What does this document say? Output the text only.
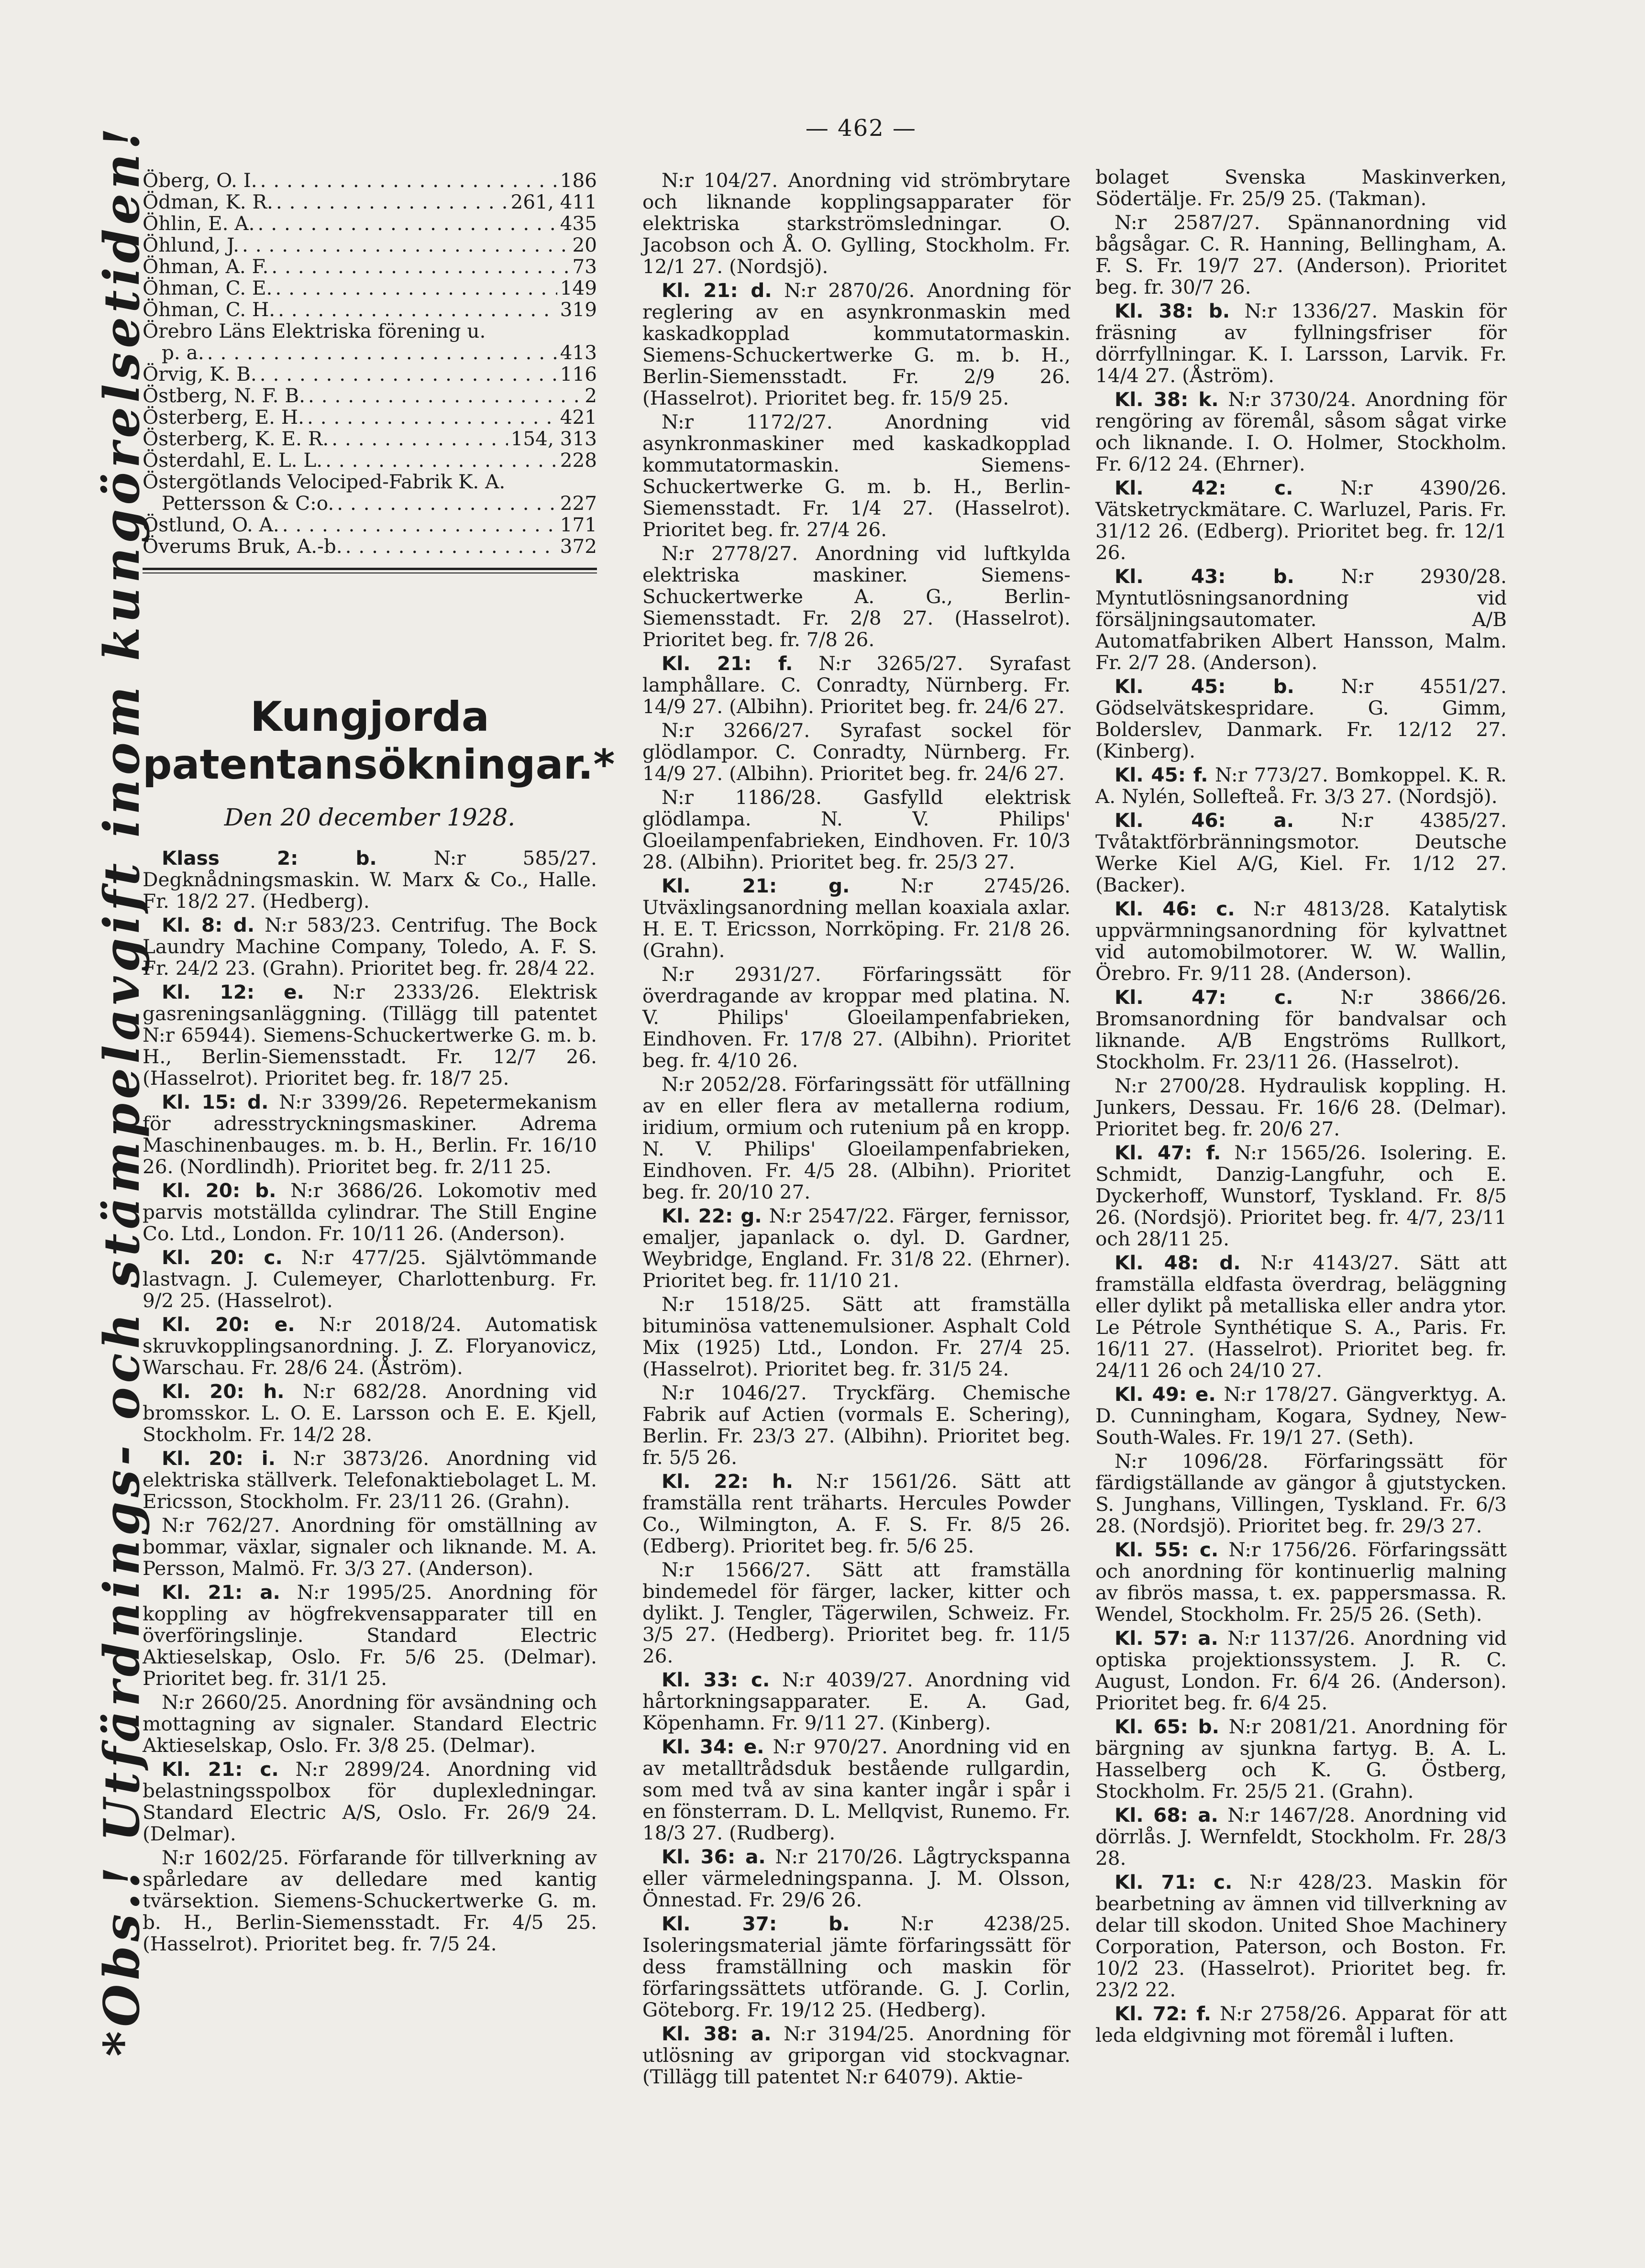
— 462 —
*Obs.! Utfärdnings- och stämpelavgift inom kungörelsetiden!
Öberg, O. I. . . .	186
Ödman, K. R. . . .	261, 411
Öhlin, E. A. . . .	435
Öhlund, J. . . .	20
Öhman, A. F. . . .	73
Öhman, C. E. . . .	149
Öhman, C. H. . . .	319
Örebro Läns Elektriska förening u.
p. a. . . .	413
Örvig, K. B. . . .	116
Östberg, N. F. B. . . .	2
Österberg, E. H. . . .	421
Österberg, K. E. R. . . .	154, 313
Österdahl, E. L. L. . . .	228
Östergötlands Velociped-Fabrik K. A.
Pettersson & C:o. . . .	227
Östlund, O. A. . . .	171
Överums Bruk, A.-b. . . .	372
Kungjorda patentansökningar.*
Den 20 december 1928.

Klass 2: b.	N:r 585/27. Degknådningsmaskin. W. Marx & Co., Halle. Fr. 18/2 27. (Hedberg).

Kl. 8: d. N:r 583/23. Centrifug. The Bock Laundry Machine Company, Toledo, A. F. S. Fr. 24/2 23. (Grahn). Prioritet beg. fr. 28/4 22.

Kl. 12: e. N:r 2333/26. Elektrisk gasreningsanläggning. (Tillägg till patentet N:r 65944). Siemens-Schuckertwerke G. m. b. H., Berlin-Siemensstadt. Fr. 12/7 26. (Hasselrot). Prioritet beg. fr. 18/7 25.

Kl. 15: d. N:r 3399/26. Repetermekanism för adresstryckningsmaskiner. Adrema Maschinenbauges. m. b. H., Berlin. Fr. 16/10 26. (Nordlindh). Prioritet beg. fr. 2/11 25.

Kl. 20: b. N:r 3686/26. Lokomotiv med parvis motställda cylindrar. The Still Engine Co. Ltd., London. Fr. 10/11 26. (Anderson).

Kl. 20: c. N:r 477/25. Självtömmande lastvagn. J. Culemeyer, Charlottenburg. Fr. 9/2 25. (Hasselrot).

Kl. 20: e. N:r 2018/24. Automatisk skruvkopplingsanordning. J. Z. Floryanovicz, Warschau. Fr. 28/6 24. (Åström).

Kl. 20: h. N:r 682/28. Anordning vid bromsskor. L. O. E. Larsson och E. E. Kjell, Stockholm. Fr. 14/2 28.

Kl. 20: i. N:r 3873/26. Anordning vid elektriska ställverk. Telefonaktiebolaget L. M. Ericsson, Stockholm. Fr. 23/11 26. (Grahn).

N:r 762/27. Anordning för omställning av bommar, växlar, signaler och liknande. M. A. Persson, Malmö. Fr. 3/3 27. (Anderson).

Kl. 21: a. N:r 1995/25. Anordning för koppling av högfrekvensapparater till en överföringslinje. Standard Electric Aktieselskap, Oslo. Fr. 5/6 25. (Delmar). Prioritet beg. fr. 31/1 25.

N:r 2660/25. Anordning för avsändning och mottagning av signaler. Standard Electric Aktieselskap, Oslo. Fr. 3/8 25. (Delmar).

Kl. 21: c. N:r 2899/24. Anordning vid belastningsspolbox för duplexledningar. Standard Electric A/S, Oslo. Fr. 26/9 24. (Delmar).

N:r 1602/25. Förfarande för tillverkning av spårledare av delledare med kantig tvärsektion. Siemens-Schuckertwerke G. m. b. H., Berlin-Siemensstadt. Fr. 4/5 25. (Hasselrot). Prioritet beg. fr. 7/5 24.

N:r 104/27. Anordning vid strömbrytare och liknande kopplingsapparater för elektriska starkströmsledningar. O. Jacobson och Å. O. Gylling, Stockholm. Fr. 12/1 27. (Nordsjö).

Kl. 21: d. N:r 2870/26. Anordning för reglering av en asynkronmaskin med kaskadkopplad kommutatormaskin. Siemens-Schuckertwerke G. m. b. H., Berlin-Siemensstadt. Fr. 2/9 26. (Hasselrot). Prioritet beg. fr. 15/9 25.

N:r 1172/27. Anordning vid asynkronmaskiner med kaskadkopplad kommutatormaskin. Siemens-Schuckertwerke G. m. b. H., Berlin-Siemensstadt. Fr. 1/4 27. (Hasselrot). Prioritet beg. fr. 27/4 26.

N:r 2778/27. Anordning vid luftkylda elektriska maskiner. Siemens-Schuckertwerke A. G., Berlin-Siemensstadt. Fr. 2/8 27. (Hasselrot). Prioritet beg. fr. 7/8 26.

Kl. 21: f. N:r 3265/27. Syrafast lamphållare. C. Conradty, Nürnberg. Fr. 14/9 27. (Albihn). Prioritet beg. fr. 24/6 27.

N:r 3266/27. Syrafast sockel för glödlampor. C. Conradty, Nürnberg. Fr. 14/9 27. (Albihn). Prioritet beg. fr. 24/6 27.

N:r 1186/28. Gasfylld elektrisk glödlampa. N. V. Philips' Gloeilampenfabrieken, Eindhoven. Fr. 10/3 28. (Albihn). Prioritet beg. fr. 25/3 27.

Kl. 21: g.	N:r 2745/26. Utväxlingsanordning mellan koaxiala axlar. H. E. T. Ericsson, Norrköping. Fr. 21/8 26. (Grahn).

N:r 2931/27. Förfaringssätt för överdragande av kroppar med platina. N. V. Philips' Gloeilampenfabrieken, Eindhoven. Fr. 17/8 27. (Albihn). Prioritet beg. fr. 4/10 26.

N:r 2052/28. Förfaringssätt för utfällning av en eller flera av metallerna rodium, iridium, ormium och rutenium på en kropp. N. V. Philips' Gloeilampenfabrieken, Eindhoven. Fr. 4/5 28. (Albihn). Prioritet beg. fr. 20/10 27.

Kl. 22: g. N:r 2547/22. Färger, fernissor, emaljer, japanlack o. dyl. D. Gardner, Weybridge, England. Fr. 31/8 22. (Ehrner). Prioritet beg. fr. 11/10 21.

N:r 1518/25. Sätt att framställa bituminösa vattenemulsioner. Asphalt Cold Mix (1925) Ltd., London. Fr. 27/4 25. (Hasselrot). Prioritet beg. fr. 31/5 24.

N:r 1046/27. Tryckfärg. Chemische Fabrik auf Actien (vormals E. Schering), Berlin. Fr. 23/3 27. (Albihn). Prioritet beg. fr. 5/5 26.

Kl. 22: h. N:r 1561/26. Sätt att framställa rent träharts. Hercules Powder Co., Wilmington, A. F. S. Fr. 8/5 26. (Edberg). Prioritet beg. fr. 5/6 25.

N:r 1566/27. Sätt att framställa bindemedel för färger, lacker, kitter och dylikt. J. Tengler, Tägerwilen, Schweiz. Fr. 3/5 27. (Hedberg). Prioritet beg. fr. 11/5 26.

Kl. 33: c. N:r 4039/27. Anordning vid hårtorkningsapparater. E. A. Gad, Köpenhamn. Fr. 9/11 27. (Kinberg).

Kl. 34: e. N:r 970/27. Anordning vid en av metalltrådsduk bestående rullgardin, som med två av sina kanter ingår i spår i en fönsterram. D. L. Mellqvist, Runemo. Fr. 18/3 27. (Rudberg).

Kl. 36: a. N:r 2170/26. Lågtryckspanna eller värmeledningspanna. J. M. Olsson, Önnestad. Fr. 29/6 26.

Kl. 37: b.	N:r 4238/25. Isoleringsmaterial jämte förfaringssätt för dess framställning och maskin för förfaringssättets utförande. G. J. Corlin, Göteborg. Fr. 19/12 25. (Hedberg).

Kl. 38: a. N:r 3194/25. Anordning för utlösning av griporgan vid stockvagnar. (Tillägg till patentet N:r 64079). Aktie-

bolaget Svenska Maskinverken, Södertälje. Fr. 25/9 25. (Takman).

N:r 2587/27. Spännanordning vid bågsågar. C. R. Hanning, Bellingham, A. F. S. Fr. 19/7 27. (Anderson). Prioritet beg. fr. 30/7 26.

Kl. 38: b. N:r 1336/27. Maskin för fräsning av fyllningsfriser för dörrfyllningar. K. I. Larsson, Larvik. Fr. 14/4 27. (Åström).

Kl. 38: k. N:r 3730/24. Anordning för rengöring av föremål, såsom sågat virke och liknande. I. O. Holmer, Stockholm. Fr. 6/12 24. (Ehrner).

Kl. 42: c. N:r 4390/26. Vätsketryckmätare. C. Warluzel, Paris. Fr. 31/12 26. (Edberg). Prioritet beg. fr. 12/1 26.

Kl. 43: b. N:r 2930/28. Myntutlösningsanordning vid försäljningsautomater. A/B Automatfabriken Albert Hansson, Malm. Fr. 2/7 28. (Anderson).

Kl. 45: b. N:r 4551/27. Gödselvätskespridare. G. Gimm, Bolderslev, Danmark. Fr. 12/12 27. (Kinberg).

Kl. 45: f. N:r 773/27. Bomkoppel. K. R. A. Nylén, Sollefteå. Fr. 3/3 27. (Nordsjö).

Kl. 46: a. N:r 4385/27. Tvåtaktförbränningsmotor. Deutsche Werke Kiel A/G, Kiel. Fr. 1/12 27. (Backer).

Kl. 46: c. N:r 4813/28. Katalytisk uppvärmningsanordning för kylvattnet vid automobilmotorer. W. W. Wallin, Örebro. Fr. 9/11 28. (Anderson).

Kl. 47: c. N:r 3866/26. Bromsanordning för bandvalsar och liknande. A/B Engströms Rullkort, Stockholm. Fr. 23/11 26. (Hasselrot).

N:r 2700/28. Hydraulisk koppling. H. Junkers, Dessau. Fr. 16/6 28. (Delmar). Prioritet beg. fr. 20/6 27.

Kl. 47: f. N:r 1565/26. Isolering. E. Schmidt, Danzig-Langfuhr, och E. Dyckerhoff, Wunstorf, Tyskland. Fr. 8/5 26. (Nordsjö). Prioritet beg. fr. 4/7, 23/11 och 28/11 25.

Kl. 48: d. N:r 4143/27. Sätt att framställa eldfasta överdrag, beläggning eller dylikt på metalliska eller andra ytor. Le Pétrole Synthétique S. A., Paris. Fr. 16/11 27. (Hasselrot). Prioritet beg. fr. 24/11 26 och 24/10 27.

Kl. 49: e. N:r 178/27. Gängverktyg. A. D. Cunningham, Kogara, Sydney, New-South-Wales. Fr. 19/1 27. (Seth).

N:r 1096/28. Förfaringssätt för färdigställande av gängor å gjutstycken. S. Junghans, Villingen, Tyskland. Fr. 6/3 28. (Nordsjö). Prioritet beg. fr. 29/3 27.

Kl. 55: c. N:r 1756/26. Förfaringssätt och anordning för kontinuerlig malning av fibrös massa, t. ex. pappersmassa. R. Wendel, Stockholm. Fr. 25/5 26. (Seth).

Kl. 57: a. N:r 1137/26. Anordning vid optiska projektionssystem. J. R. C. August, London. Fr. 6/4 26. (Anderson). Prioritet beg. fr. 6/4 25.

Kl. 65: b. N:r 2081/21. Anordning för bärgning av sjunkna fartyg. B. A. L. Hasselberg och K. G. Östberg, Stockholm. Fr. 25/5 21. (Grahn).

Kl. 68: a. N:r 1467/28. Anordning vid dörrlås. J. Wernfeldt, Stockholm. Fr. 28/3 28.

Kl. 71: c. N:r 428/23. Maskin för bearbetning av ämnen vid tillverkning av delar till skodon. United Shoe Machinery Corporation, Paterson, och Boston. Fr. 10/2 23. (Hasselrot). Prioritet beg. fr. 23/2 22.

Kl. 72: f. N:r 2758/26. Apparat för att leda eldgivning mot föremål i luften.
